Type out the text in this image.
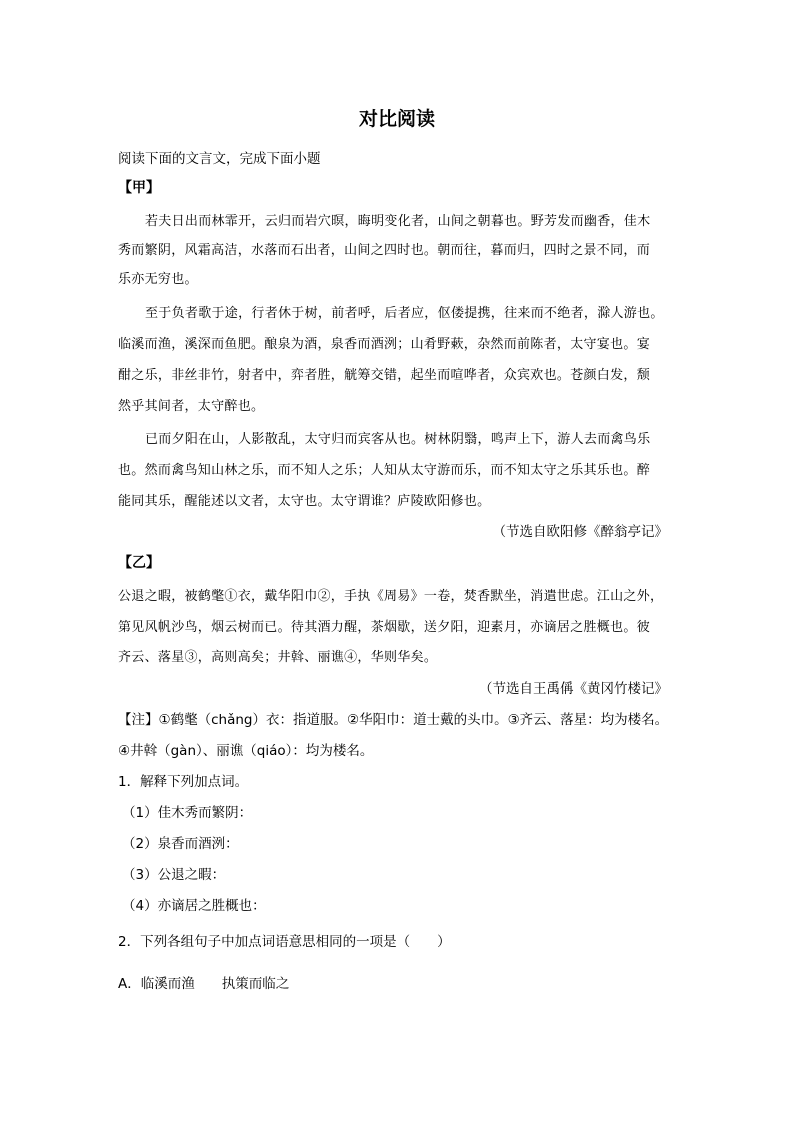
对比阅读
阅读下面的文言文，完成下面小题
【甲】
若夫日出而林霏开，云归而岩穴暝，晦明变化者，山间之朝暮也。野芳发而幽香，佳木
秀而繁阴，风霜高洁，水落而石出者，山间之四时也。朝而往，暮而归，四时之景不同，而
乐亦无穷也。
至于负者歌于途，行者休于树，前者呼，后者应，伛偻提携，往来而不绝者，滁人游也。
临溪而渔，溪深而鱼肥。酿泉为酒，泉香而酒洌；山肴野蔌，杂然而前陈者，太守宴也。宴
酣之乐，非丝非竹，射者中，弈者胜，觥筹交错，起坐而喧哗者，众宾欢也。苍颜白发，颓
然乎其间者，太守醉也。
已而夕阳在山，人影散乱，太守归而宾客从也。树林阴翳，鸣声上下，游人去而禽鸟乐
也。然而禽鸟知山林之乐，而不知人之乐；人知从太守游而乐，而不知太守之乐其乐也。醉
能同其乐，醒能述以文者，太守也。太守谓谁？庐陵欧阳修也。
（节选自欧阳修《醉翁亭记》
【乙】
公退之暇，被鹤氅①衣，戴华阳巾②，手执《周易》一卷，焚香默坐，消遣世虑。江山之外，
第见风帆沙鸟，烟云树而已。待其酒力醒，茶烟歇，送夕阳，迎素月，亦谪居之胜概也。彼
齐云、落星③，高则高矣；井斡、丽谯④，华则华矣。
（节选自王禹偁《黄冈竹楼记》
【注】①鹤氅（chǎng）衣：指道服。②华阳巾：道士戴的头巾。③齐云、落星：均为楼名。
④井斡（gàn）、丽谯（qiáo）：均为楼名。
1．解释下列加点词。
（1）佳木秀而繁阴：
（2）泉香而酒洌：
（3）公退之暇：
（4）亦谪居之胜概也：
2．下列各组句子中加点词语意思相同的一项是（　　）
A．临溪而渔　　执策而临之
